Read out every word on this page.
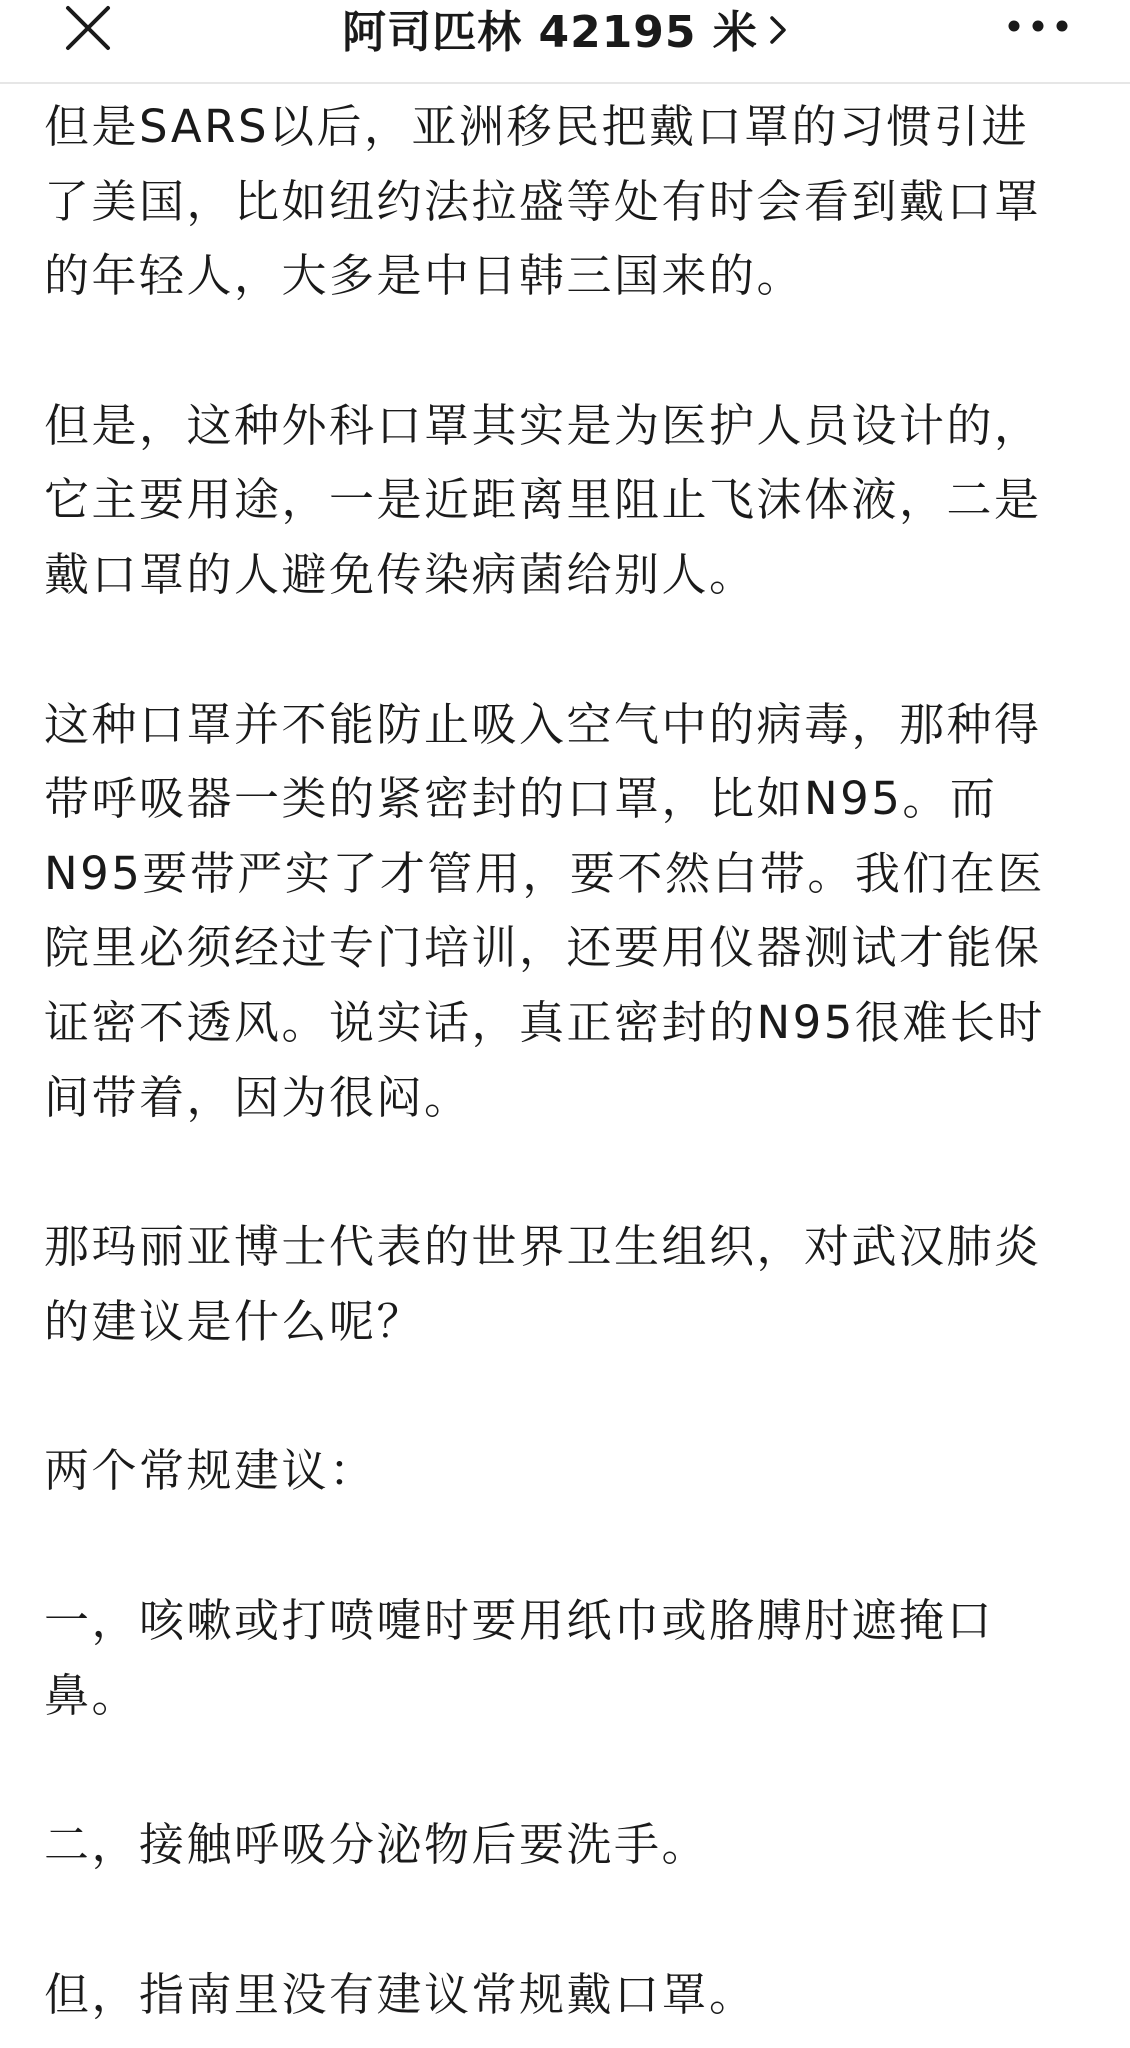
阿司匹林 42195 米

但是SARS以后，亚洲移民把戴口罩的习惯引进
了美国，比如纽约法拉盛等处有时会看到戴口罩
的年轻人，大多是中日韩三国来的。

但是，这种外科口罩其实是为医护人员设计的，
它主要用途，一是近距离里阻止飞沫体液，二是
戴口罩的人避免传染病菌给别人。

这种口罩并不能防止吸入空气中的病毒，那种得
带呼吸器一类的紧密封的口罩，比如N95。而
N95要带严实了才管用，要不然白带。我们在医
院里必须经过专门培训，还要用仪器测试才能保
证密不透风。说实话，真正密封的N95很难长时
间带着，因为很闷。

那玛丽亚博士代表的世界卫生组织，对武汉肺炎
的建议是什么呢？

两个常规建议：

一，咳嗽或打喷嚏时要用纸巾或胳膊肘遮掩口
鼻。

二，接触呼吸分泌物后要洗手。

但，指南里没有建议常规戴口罩。
